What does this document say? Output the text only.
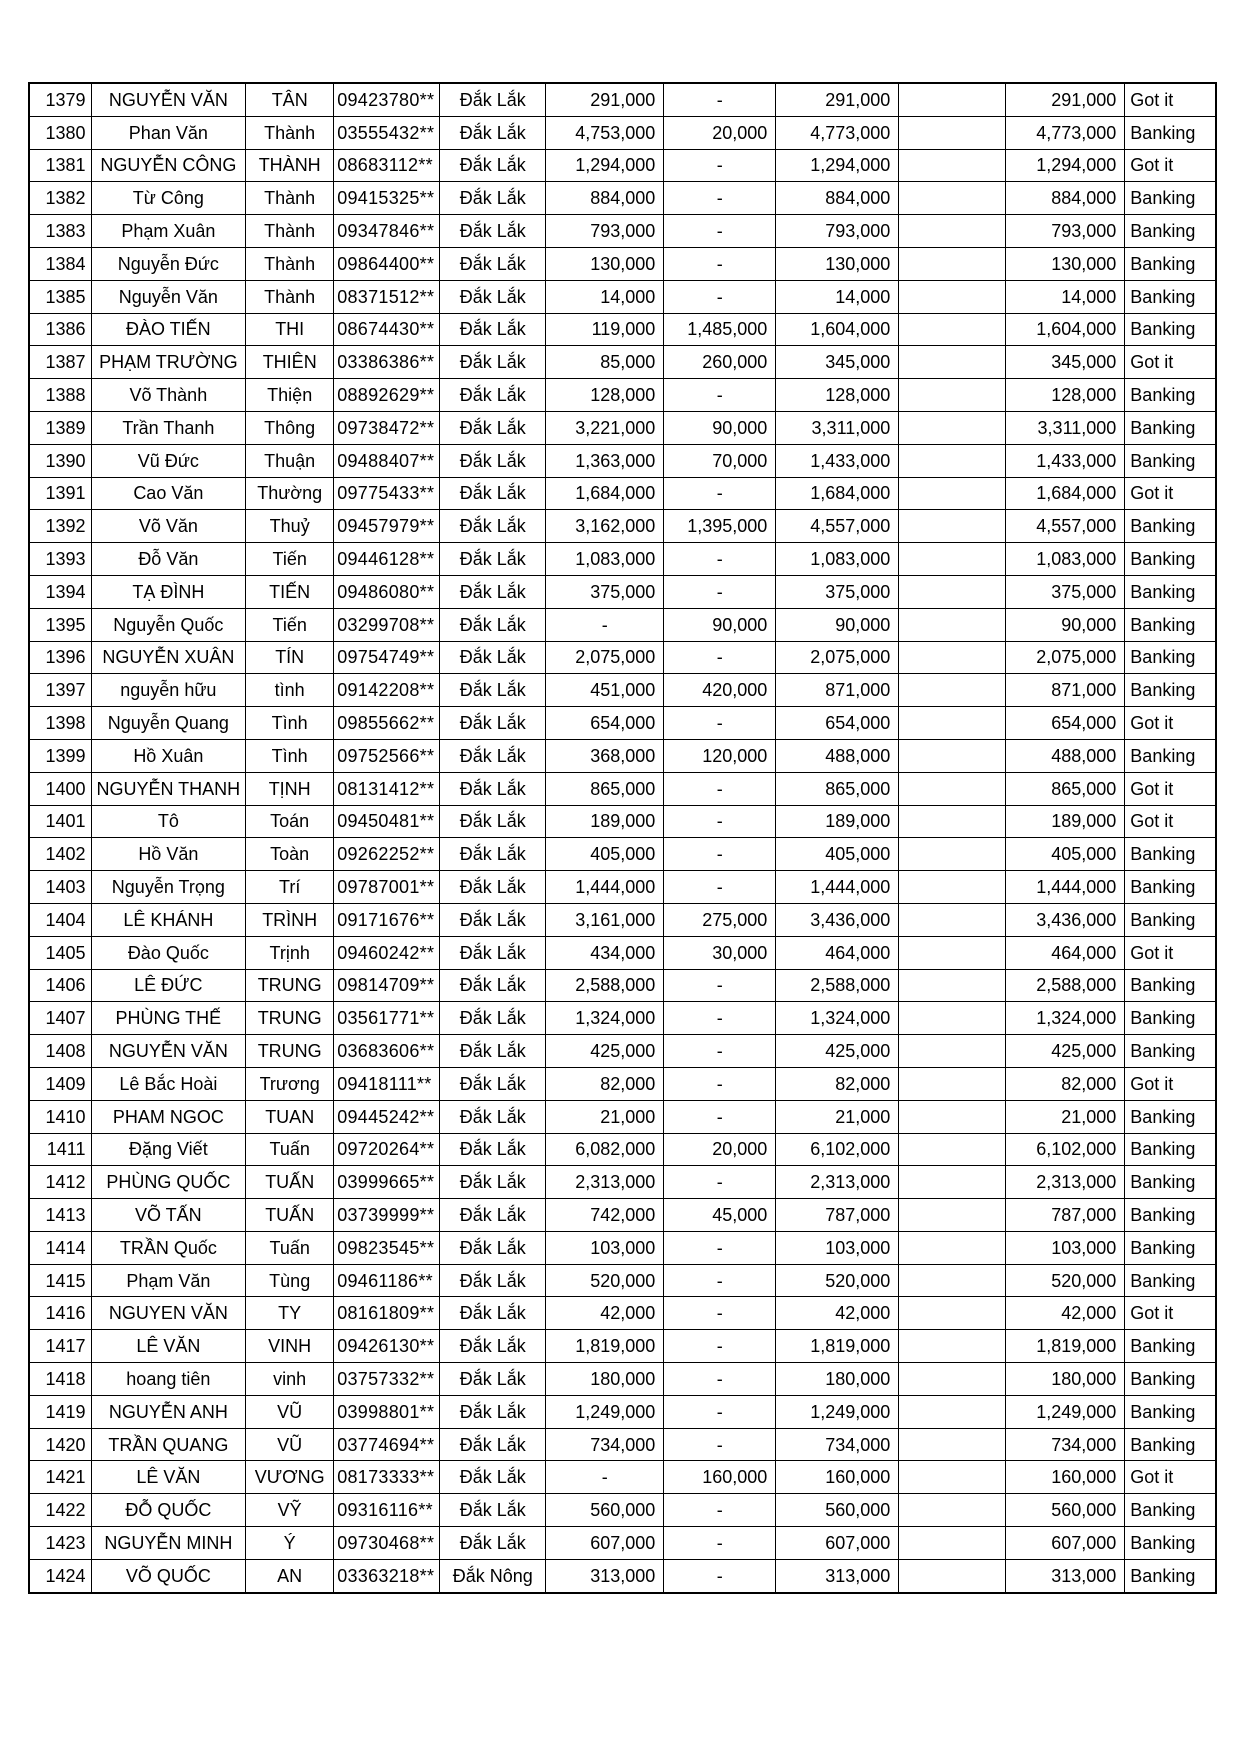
1379	NGUYỄN VĂN	TÂN	09423780**	Đắk Lắk	291,000	-	291,000		291,000	Got it
1380	Phan Văn	Thành	03555432**	Đắk Lắk	4,753,000	20,000	4,773,000		4,773,000	Banking
1381	NGUYỄN CÔNG	THÀNH	08683112**	Đắk Lắk	1,294,000	-	1,294,000		1,294,000	Got it
1382	Từ Công	Thành	09415325**	Đắk Lắk	884,000	-	884,000		884,000	Banking
1383	Phạm Xuân	Thành	09347846**	Đắk Lắk	793,000	-	793,000		793,000	Banking
1384	Nguyễn Đức	Thành	09864400**	Đắk Lắk	130,000	-	130,000		130,000	Banking
1385	Nguyễn Văn	Thành	08371512**	Đắk Lắk	14,000	-	14,000		14,000	Banking
1386	ĐÀO TIẾN	THI	08674430**	Đắk Lắk	119,000	1,485,000	1,604,000		1,604,000	Banking
1387	PHẠM TRƯỜNG	THIÊN	03386386**	Đắk Lắk	85,000	260,000	345,000		345,000	Got it
1388	Võ Thành	Thiện	08892629**	Đắk Lắk	128,000	-	128,000		128,000	Banking
1389	Trần Thanh	Thông	09738472**	Đắk Lắk	3,221,000	90,000	3,311,000		3,311,000	Banking
1390	Vũ Đức	Thuận	09488407**	Đắk Lắk	1,363,000	70,000	1,433,000		1,433,000	Banking
1391	Cao Văn	Thường	09775433**	Đắk Lắk	1,684,000	-	1,684,000		1,684,000	Got it
1392	Võ Văn	Thuỷ	09457979**	Đắk Lắk	3,162,000	1,395,000	4,557,000		4,557,000	Banking
1393	Đỗ Văn	Tiến	09446128**	Đắk Lắk	1,083,000	-	1,083,000		1,083,000	Banking
1394	TẠ ĐÌNH	TIẾN	09486080**	Đắk Lắk	375,000	-	375,000		375,000	Banking
1395	Nguyễn Quốc	Tiến	03299708**	Đắk Lắk	-	90,000	90,000		90,000	Banking
1396	NGUYỄN XUÂN	TÍN	09754749**	Đắk Lắk	2,075,000	-	2,075,000		2,075,000	Banking
1397	nguyễn hữu	tình	09142208**	Đắk Lắk	451,000	420,000	871,000		871,000	Banking
1398	Nguyễn Quang	Tình	09855662**	Đắk Lắk	654,000	-	654,000		654,000	Got it
1399	Hồ Xuân	Tình	09752566**	Đắk Lắk	368,000	120,000	488,000		488,000	Banking
1400	NGUYỄN THANH	TỊNH	08131412**	Đắk Lắk	865,000	-	865,000		865,000	Got it
1401	Tô	Toán	09450481**	Đắk Lắk	189,000	-	189,000		189,000	Got it
1402	Hồ Văn	Toàn	09262252**	Đắk Lắk	405,000	-	405,000		405,000	Banking
1403	Nguyễn Trọng	Trí	09787001**	Đắk Lắk	1,444,000	-	1,444,000		1,444,000	Banking
1404	LÊ KHÁNH	TRÌNH	09171676**	Đắk Lắk	3,161,000	275,000	3,436,000		3,436,000	Banking
1405	Đào Quốc	Trịnh	09460242**	Đắk Lắk	434,000	30,000	464,000		464,000	Got it
1406	LÊ ĐỨC	TRUNG	09814709**	Đắk Lắk	2,588,000	-	2,588,000		2,588,000	Banking
1407	PHÙNG THẾ	TRUNG	03561771**	Đắk Lắk	1,324,000	-	1,324,000		1,324,000	Banking
1408	NGUYỄN VĂN	TRUNG	03683606**	Đắk Lắk	425,000	-	425,000		425,000	Banking
1409	Lê Bắc Hoài	Trương	09418111**	Đắk Lắk	82,000	-	82,000		82,000	Got it
1410	PHAM NGOC	TUAN	09445242**	Đắk Lắk	21,000	-	21,000		21,000	Banking
1411	Đặng Viết	Tuấn	09720264**	Đắk Lắk	6,082,000	20,000	6,102,000		6,102,000	Banking
1412	PHÙNG QUỐC	TUẤN	03999665**	Đắk Lắk	2,313,000	-	2,313,000		2,313,000	Banking
1413	VÕ TẤN	TUẤN	03739999**	Đắk Lắk	742,000	45,000	787,000		787,000	Banking
1414	TRẦN Quốc	Tuấn	09823545**	Đắk Lắk	103,000	-	103,000		103,000	Banking
1415	Phạm Văn	Tùng	09461186**	Đắk Lắk	520,000	-	520,000		520,000	Banking
1416	NGUYEN VĂN	TY	08161809**	Đắk Lắk	42,000	-	42,000		42,000	Got it
1417	LÊ VĂN	VINH	09426130**	Đắk Lắk	1,819,000	-	1,819,000		1,819,000	Banking
1418	hoang tiên	vinh	03757332**	Đắk Lắk	180,000	-	180,000		180,000	Banking
1419	NGUYỄN ANH	VŨ	03998801**	Đắk Lắk	1,249,000	-	1,249,000		1,249,000	Banking
1420	TRẦN QUANG	VŨ	03774694**	Đắk Lắk	734,000	-	734,000		734,000	Banking
1421	LÊ VĂN	VƯƠNG	08173333**	Đắk Lắk	-	160,000	160,000		160,000	Got it
1422	ĐỖ QUỐC	VỸ	09316116**	Đắk Lắk	560,000	-	560,000		560,000	Banking
1423	NGUYỄN MINH	Ý	09730468**	Đắk Lắk	607,000	-	607,000		607,000	Banking
1424	VÕ QUỐC	AN	03363218**	Đắk Nông	313,000	-	313,000		313,000	Banking
